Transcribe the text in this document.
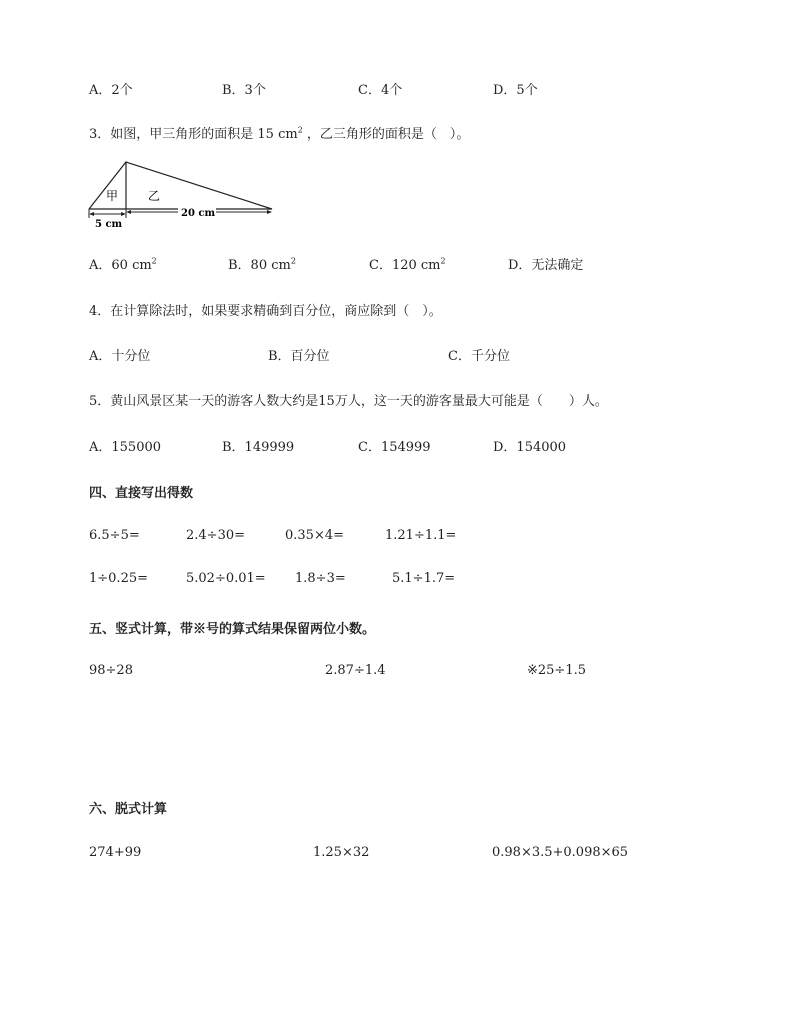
A．2个	B．3个	C．4个	D．5个
3．如图，甲三角形的面积是 15 $cm^2$ ，乙三角形的面积是（　）。
甲 乙
5 cm
20 cm
A．60 $cm^2$	B．80 $cm^2$	C．120 $cm^2$	D．无法确定
4．在计算除法时，如果要求精确到百分位，商应除到（　）。
A．十分位	B．百分位	C．千分位
5．黄山风景区某一天的游客人数大约是15万人，这一天的游客量最大可能是（　　）人。
A．155000	B．149999	C．154999	D．154000
四、直接写出得数
6.5÷5=	2.4÷30=	0.35×4=	1.21÷1.1=
1÷0.25=	5.02÷0.01= 1.8÷3=	5.1÷1.7=
五、竖式计算，带※号的算式结果保留两位小数。
98÷28	2.87÷1.4	※25÷1.5
六、脱式计算
274+99	1.25×32	0.98×3.5+0.098×65
